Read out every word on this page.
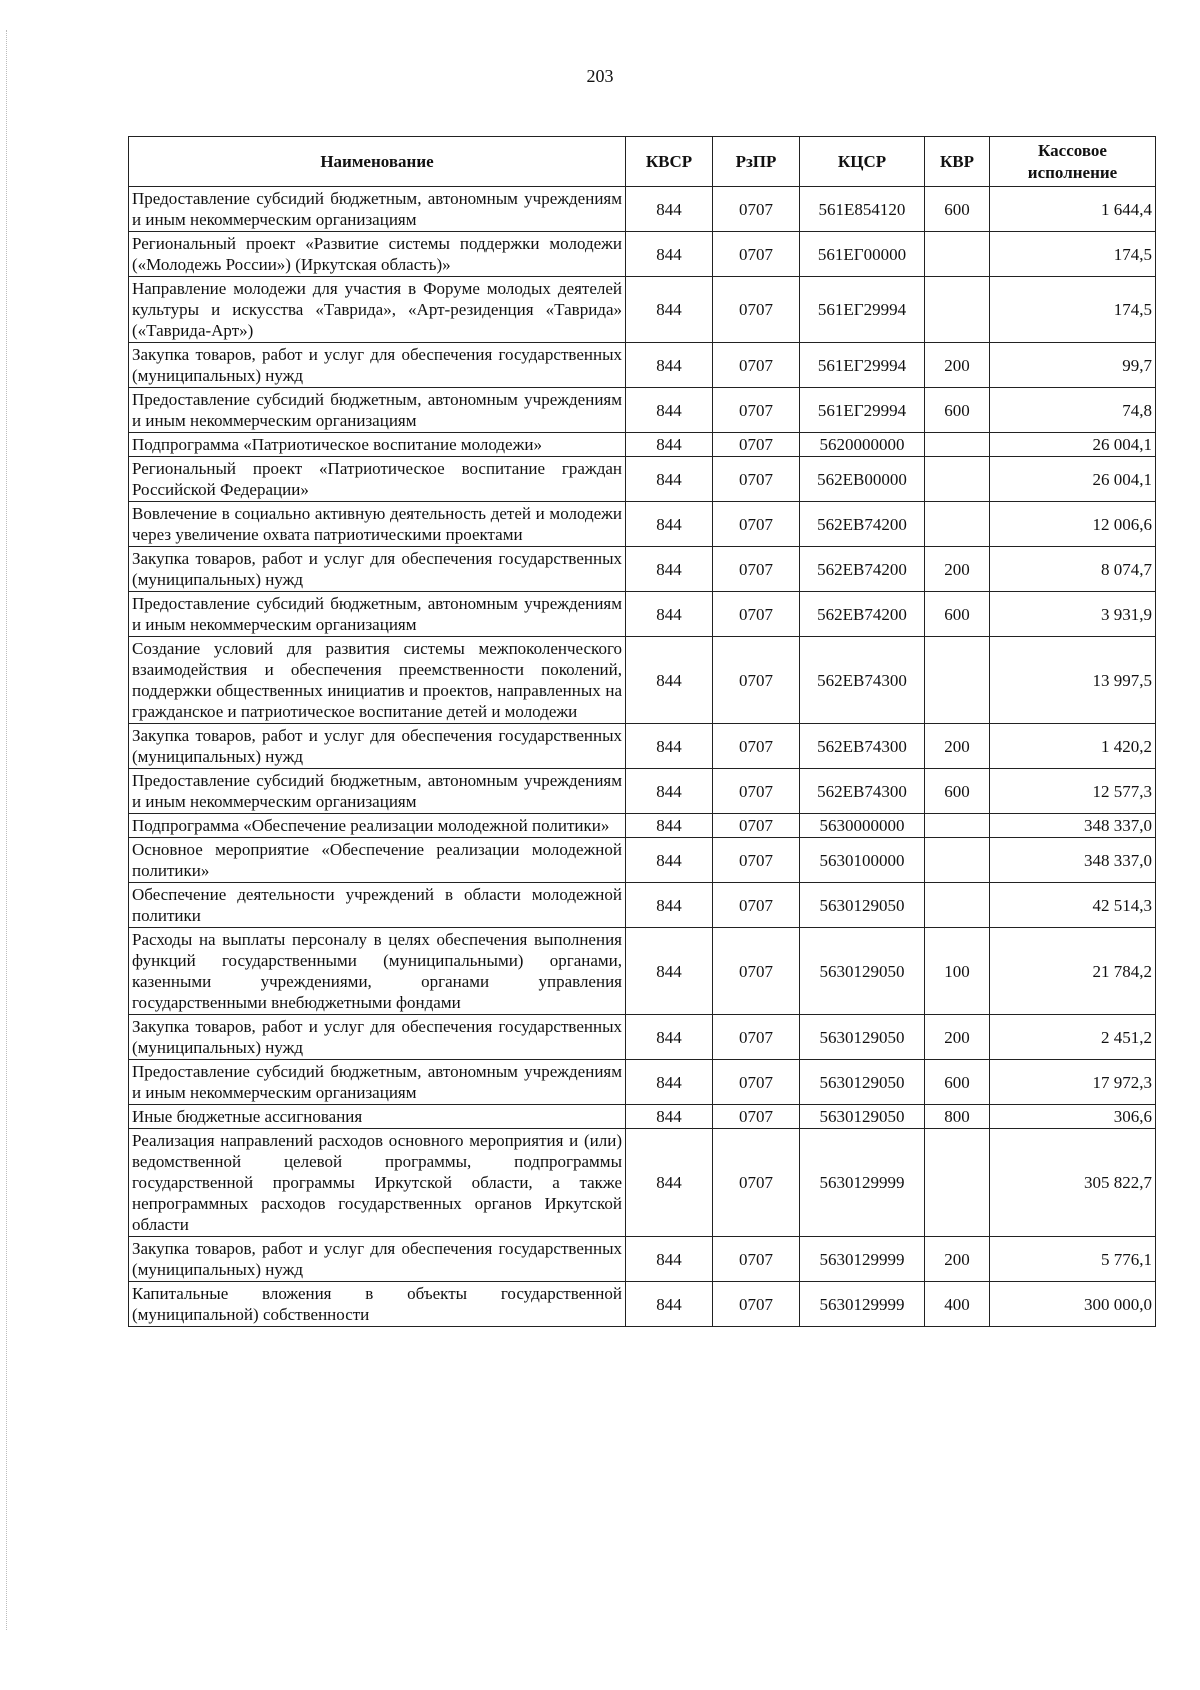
203
Наименование	КВСР	РзПР	КЦСР	КВР	Кассовое исполнение
Предоставление субсидий бюджетным, автономным учреждениям и иным некоммерческим организациям	844	0707	561E854120	600	1 644,4
Региональный проект «Развитие системы поддержки молодежи («Молодежь России») (Иркутская область)»	844	0707	561ЕГ00000		174,5
Направление молодежи для участия в Форуме молодых деятелей культуры и искусства «Таврида», «Арт-резиденция «Таврида» («Таврида-Арт»)	844	0707	561ЕГ29994		174,5
Закупка товаров, работ и услуг для обеспечения государственных (муниципальных) нужд	844	0707	561ЕГ29994	200	99,7
Предоставление субсидий бюджетным, автономным учреждениям и иным некоммерческим организациям	844	0707	561ЕГ29994	600	74,8
Подпрограмма «Патриотическое воспитание молодежи»	844	0707	5620000000		26 004,1
Региональный проект «Патриотическое воспитание граждан Российской Федерации»	844	0707	562EB00000		26 004,1
Вовлечение в социально активную деятельность детей и молодежи через увеличение охвата патриотическими проектами	844	0707	562EB74200		12 006,6
Закупка товаров, работ и услуг для обеспечения государственных (муниципальных) нужд	844	0707	562EB74200	200	8 074,7
Предоставление субсидий бюджетным, автономным учреждениям и иным некоммерческим организациям	844	0707	562EB74200	600	3 931,9
Создание условий для развития системы межпоколенческого взаимодействия и обеспечения преемственности поколений, поддержки общественных инициатив и проектов, направленных на гражданское и патриотическое воспитание детей и молодежи	844	0707	562EB74300		13 997,5
Закупка товаров, работ и услуг для обеспечения государственных (муниципальных) нужд	844	0707	562EB74300	200	1 420,2
Предоставление субсидий бюджетным, автономным учреждениям и иным некоммерческим организациям	844	0707	562EB74300	600	12 577,3
Подпрограмма «Обеспечение реализации молодежной политики»	844	0707	5630000000		348 337,0
Основное мероприятие «Обеспечение реализации молодежной политики»	844	0707	5630100000		348 337,0
Обеспечение деятельности учреждений в области молодежной политики	844	0707	5630129050		42 514,3
Расходы на выплаты персоналу в целях обеспечения выполнения функций государственными (муниципальными) органами, казенными учреждениями, органами управления государственными внебюджетными фондами	844	0707	5630129050	100	21 784,2
Закупка товаров, работ и услуг для обеспечения государственных (муниципальных) нужд	844	0707	5630129050	200	2 451,2
Предоставление субсидий бюджетным, автономным учреждениям и иным некоммерческим организациям	844	0707	5630129050	600	17 972,3
Иные бюджетные ассигнования	844	0707	5630129050	800	306,6
Реализация направлений расходов основного мероприятия и (или) ведомственной целевой программы, подпрограммы государственной программы Иркутской области, а также непрограммных расходов государственных органов Иркутской области	844	0707	5630129999		305 822,7
Закупка товаров, работ и услуг для обеспечения государственных (муниципальных) нужд	844	0707	5630129999	200	5 776,1
Капитальные вложения в объекты государственной (муниципальной) собственности	844	0707	5630129999	400	300 000,0
